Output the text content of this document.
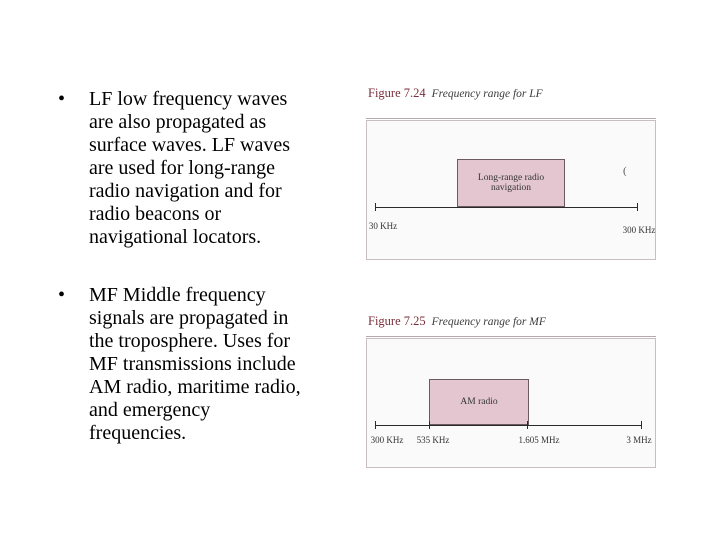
• LF low frequency waves
are also propagated as
surface waves. LF waves
are used for long-range
radio navigation and for
radio beacons or
navigational locators.
• MF Middle frequency
signals are propagated in
the troposphere. Uses for
MF transmissions include
AM radio, maritime radio,
and emergency
frequencies.
Figure 7.24 Frequency range for LF
Long-range radio navigation
(
30 KHz	300 KHz
Figure 7.25 Frequency range for MF
AM radio
300 KHz 535 KHz	1.605 MHz	3 MHz
